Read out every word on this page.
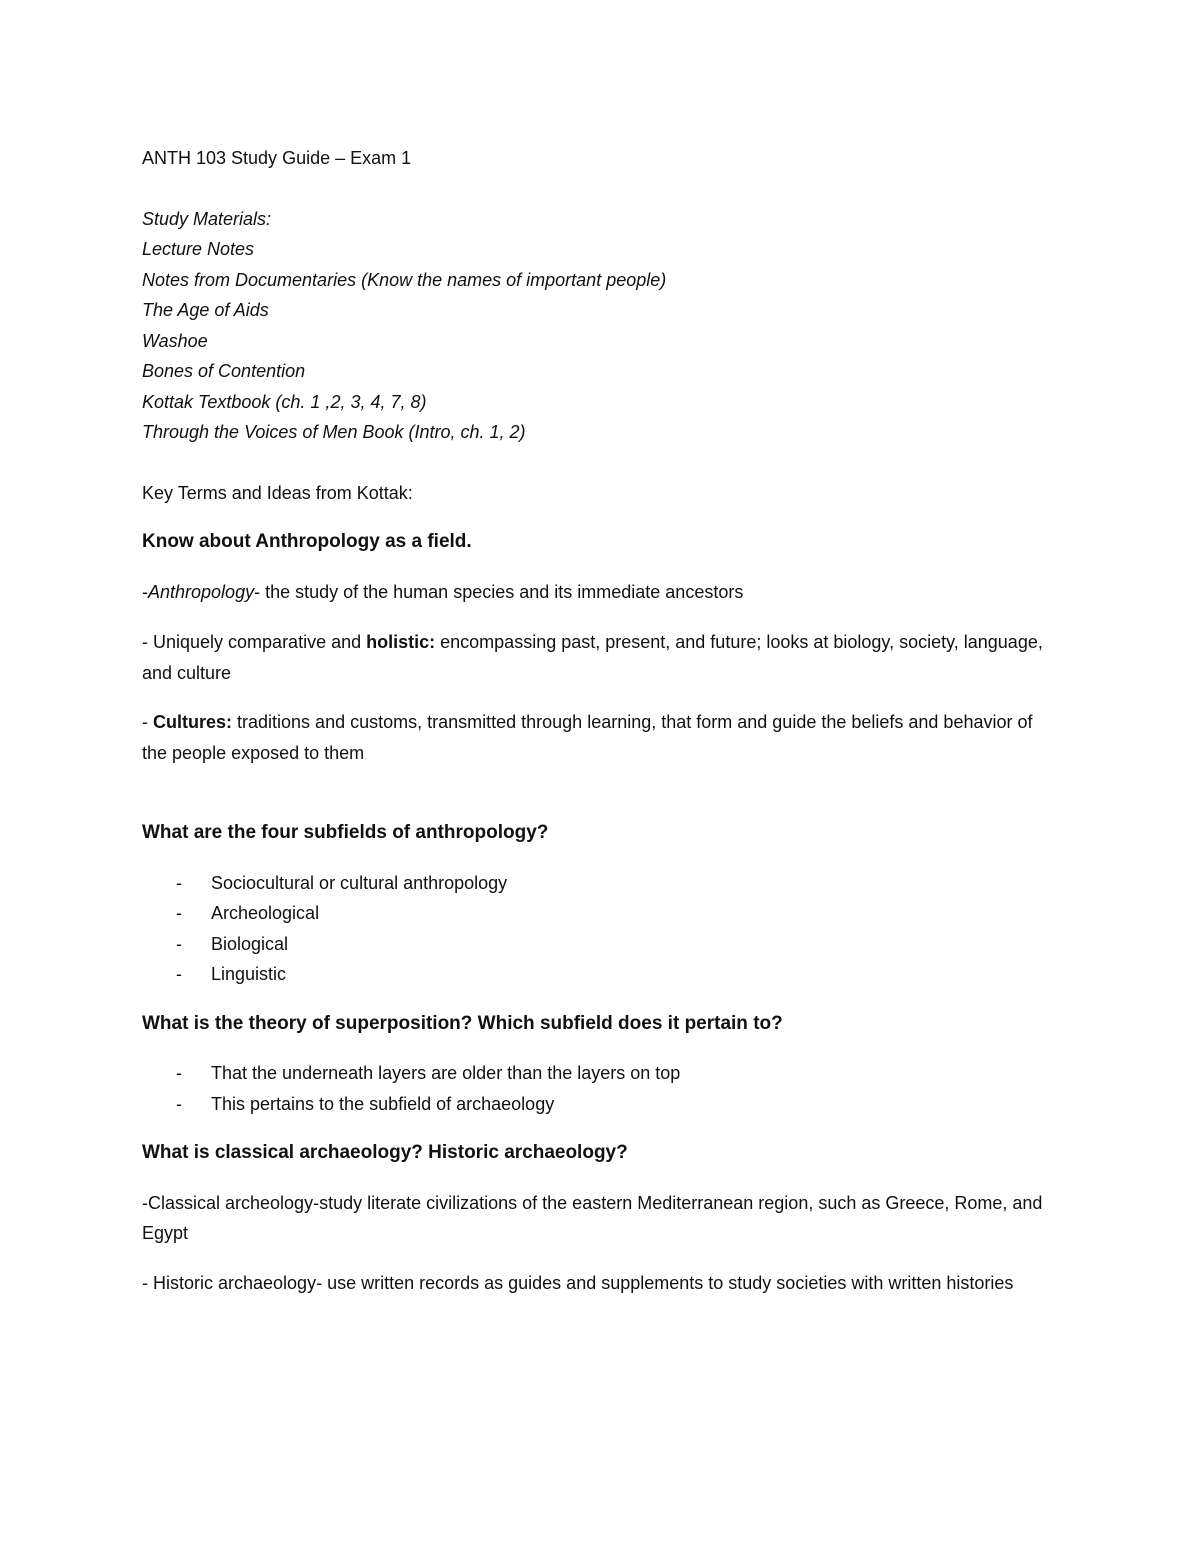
ANTH 103 Study Guide – Exam 1

Study Materials:

Lecture Notes

Notes from Documentaries (Know the names of important people)

The Age of Aids

Washoe

Bones of Contention

Kottak Textbook (ch. 1 ,2, 3, 4, 7, 8)

Through the Voices of Men Book (Intro, ch. 1, 2)

Key Terms and Ideas from Kottak:

Know about Anthropology as a field.

-Anthropology- the study of the human species and its immediate ancestors

- Uniquely comparative and holistic: encompassing past, present, and future; looks at biology, society, language, and culture

- Cultures: traditions and customs, transmitted through learning, that form and guide the beliefs and behavior of the people exposed to them

What are the four subfields of anthropology?

- Sociocultural or cultural anthropology
- Archeological
- Biological
- Linguistic

What is the theory of superposition? Which subfield does it pertain to?

- That the underneath layers are older than the layers on top
- This pertains to the subfield of archaeology

What is classical archaeology? Historic archaeology?

-Classical archeology-study literate civilizations of the eastern Mediterranean region, such as Greece, Rome, and Egypt

- Historic archaeology- use written records as guides and supplements to study societies with written histories
